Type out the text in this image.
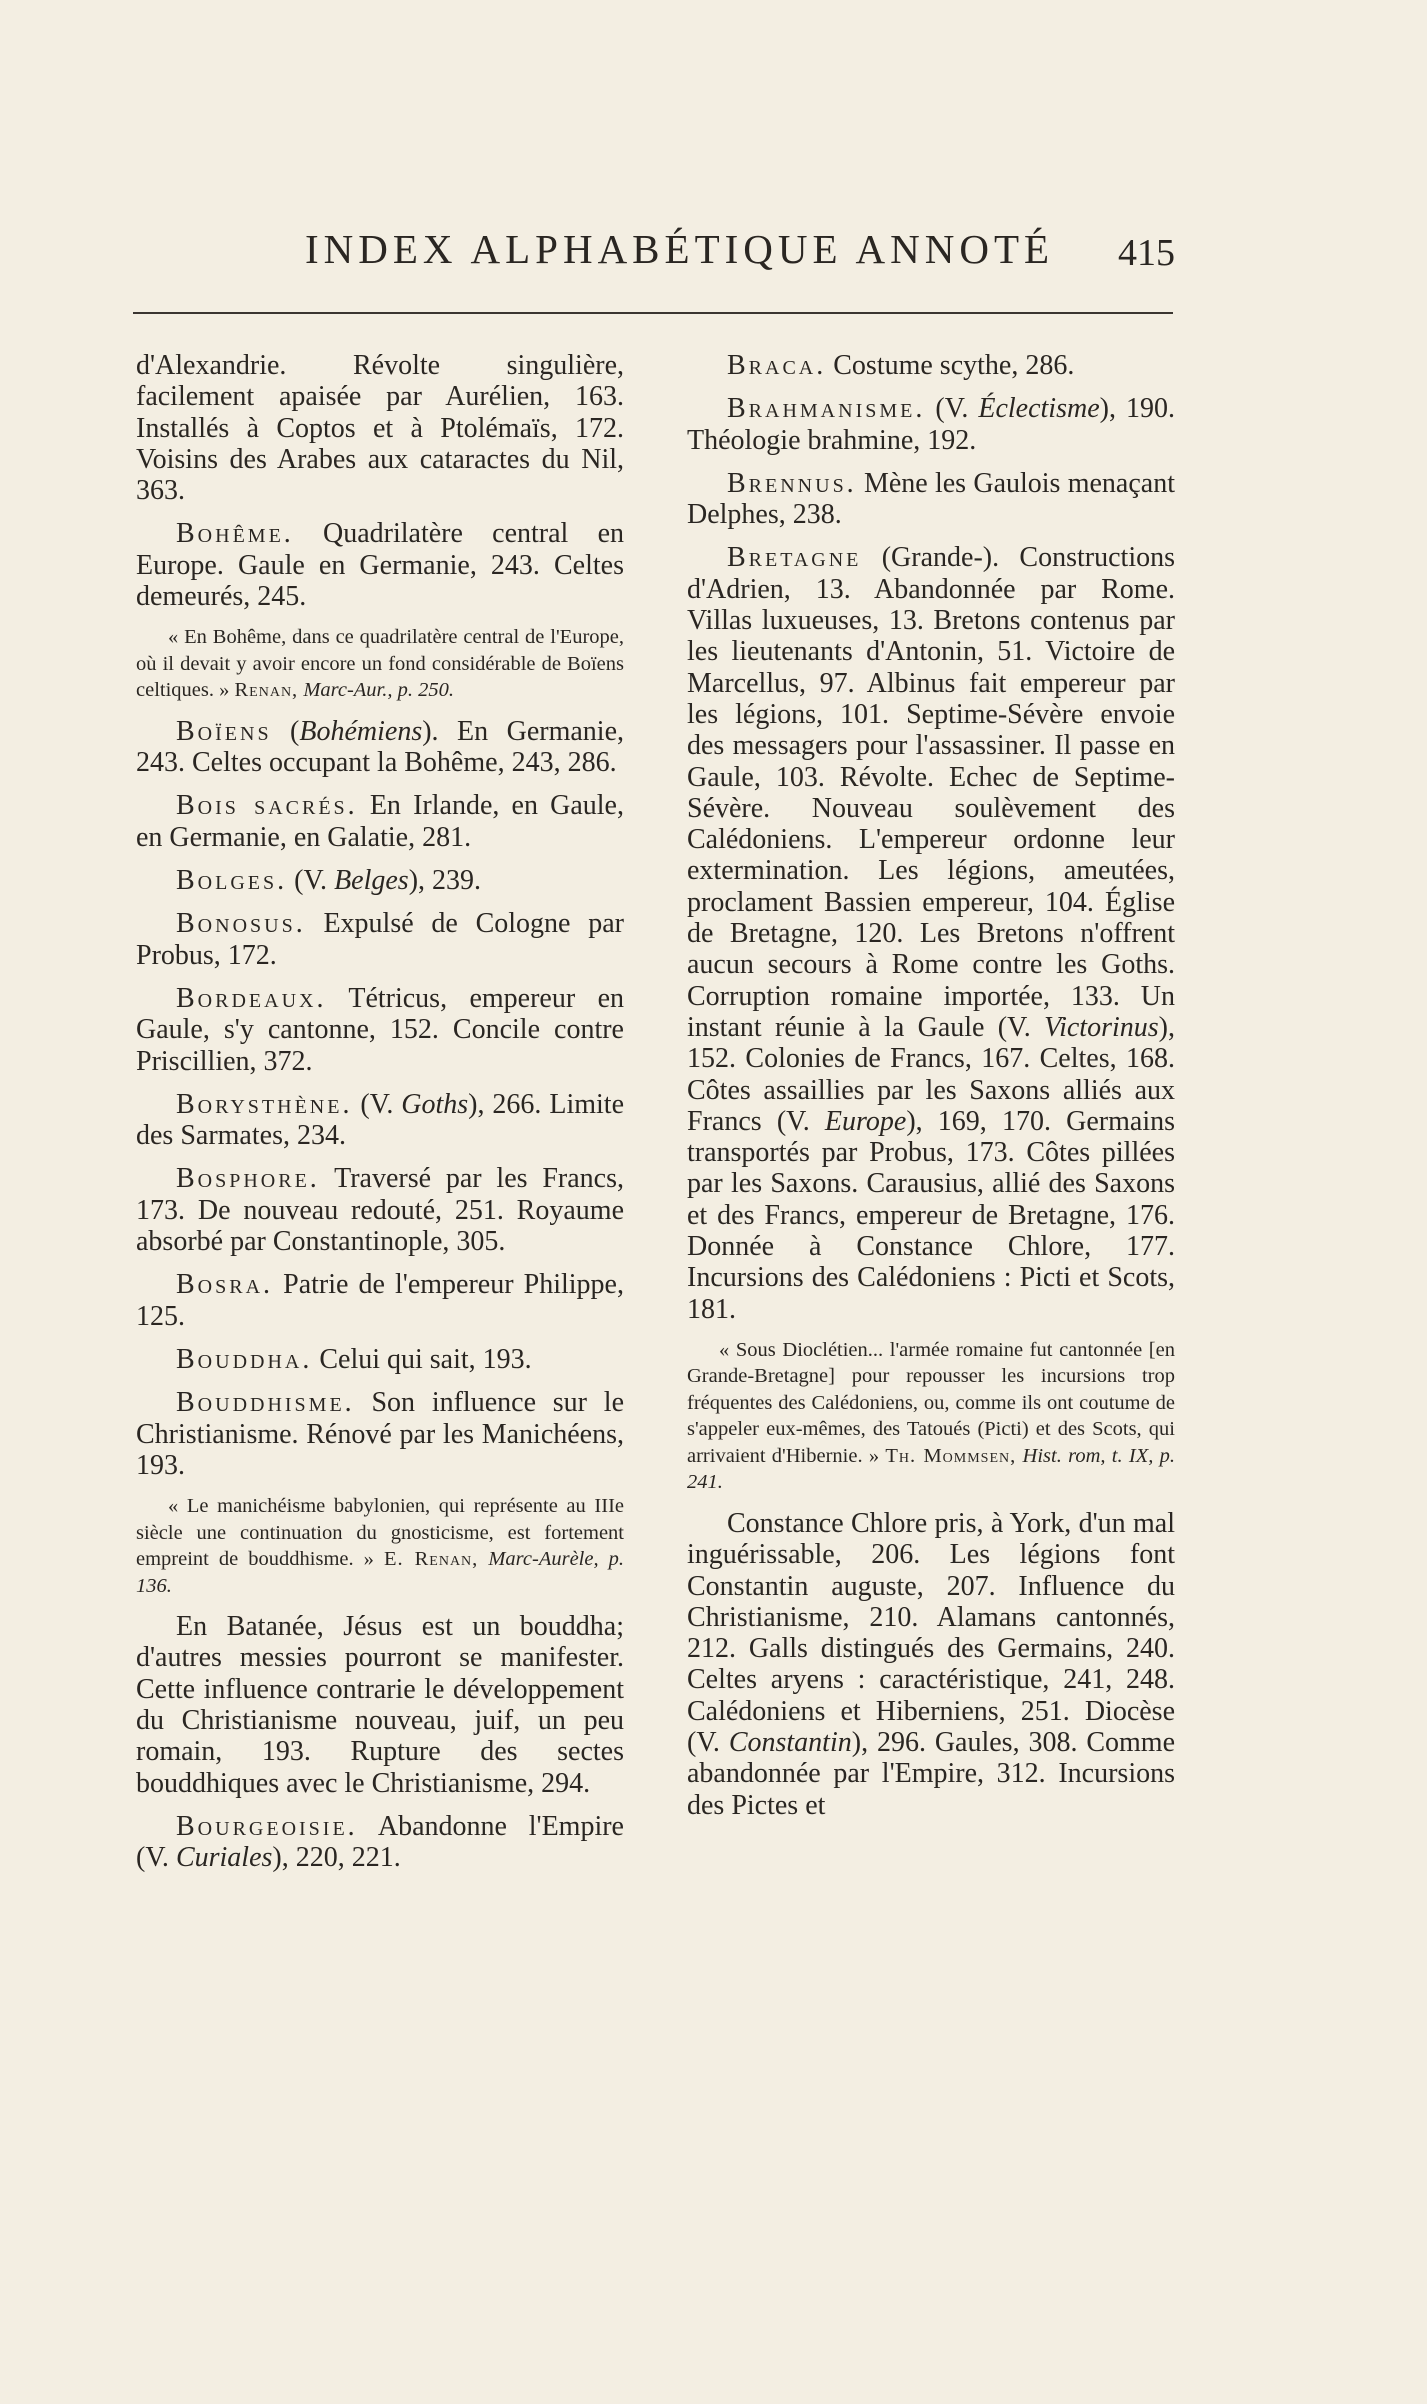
INDEX ALPHABÉTIQUE ANNOTÉ 415

d'Alexandrie. Révolte singulière, facilement apaisée par Aurélien, 163. Installés à Coptos et à Ptolémaïs, 172. Voisins des Arabes aux cataractes du Nil, 363.

Bohême. Quadrilatère central en Europe. Gaule en Germanie, 243. Celtes demeurés, 245.

« En Bohême, dans ce quadrilatère central de l'Europe, où il devait y avoir encore un fond considérable de Boïens celtiques. » Renan, Marc-Aur., p. 250.

Boïens (Bohémiens). En Germanie, 243. Celtes occupant la Bohême, 243, 286.

Bois sacrés. En Irlande, en Gaule, en Germanie, en Galatie, 281.

Bolges. (V. Belges), 239.

Bonosus. Expulsé de Cologne par Probus, 172.

Bordeaux. Tétricus, empereur en Gaule, s'y cantonne, 152. Concile contre Priscillien, 372.

Borysthène. (V. Goths), 266. Limite des Sarmates, 234.

Bosphore. Traversé par les Francs, 173. De nouveau redouté, 251. Royaume absorbé par Constantinople, 305.

Bosra. Patrie de l'empereur Philippe, 125.

Bouddha. Celui qui sait, 193.

Bouddhisme. Son influence sur le Christianisme. Rénové par les Manichéens, 193.

« Le manichéisme babylonien, qui représente au IIIe siècle une continuation du gnosticisme, est fortement empreint de bouddhisme. » E. Renan, Marc-Aurèle, p. 136.

En Batanée, Jésus est un bouddha; d'autres messies pourront se manifester. Cette influence contrarie le développement du Christianisme nouveau, juif, un peu romain, 193. Rupture des sectes bouddhiques avec le Christianisme, 294.

Bourgeoisie. Abandonne l'Empire (V. Curiales), 220, 221.

Braca. Costume scythe, 286.

Brahmanisme. (V. Éclectisme), 190. Théologie brahmine, 192.

Brennus. Mène les Gaulois menaçant Delphes, 238.

Bretagne (Grande-). Constructions d'Adrien, 13. Abandonnée par Rome. Villas luxueuses, 13. Bretons contenus par les lieutenants d'Antonin, 51. Victoire de Marcellus, 97. Albinus fait empereur par les légions, 101. Septime-Sévère envoie des messagers pour l'assassiner. Il passe en Gaule, 103. Révolte. Echec de Septime-Sévère. Nouveau soulèvement des Calédoniens. L'empereur ordonne leur extermination. Les légions, ameutées, proclament Bassien empereur, 104. Église de Bretagne, 120. Les Bretons n'offrent aucun secours à Rome contre les Goths. Corruption romaine importée, 133. Un instant réunie à la Gaule (V. Victorinus), 152. Colonies de Francs, 167. Celtes, 168. Côtes assaillies par les Saxons alliés aux Francs (V. Europe), 169, 170. Germains transportés par Probus, 173. Côtes pillées par les Saxons. Carausius, allié des Saxons et des Francs, empereur de Bretagne, 176. Donnée à Constance Chlore, 177. Incursions des Calédoniens : Picti et Scots, 181.

« Sous Dioclétien... l'armée romaine fut cantonnée [en Grande-Bretagne] pour repousser les incursions trop fréquentes des Calédoniens, ou, comme ils ont coutume de s'appeler eux-mêmes, des Tatoués (Picti) et des Scots, qui arrivaient d'Hibernie. » Th. Mommsen, Hist. rom, t. IX, p. 241.

Constance Chlore pris, à York, d'un mal inguérissable, 206. Les légions font Constantin auguste, 207. Influence du Christianisme, 210. Alamans cantonnés, 212. Galls distingués des Germains, 240. Celtes aryens : caractéristique, 241, 248. Calédoniens et Hiberniens, 251. Diocèse (V. Constantin), 296. Gaules, 308. Comme abandonnée par l'Empire, 312. Incursions des Pictes et
